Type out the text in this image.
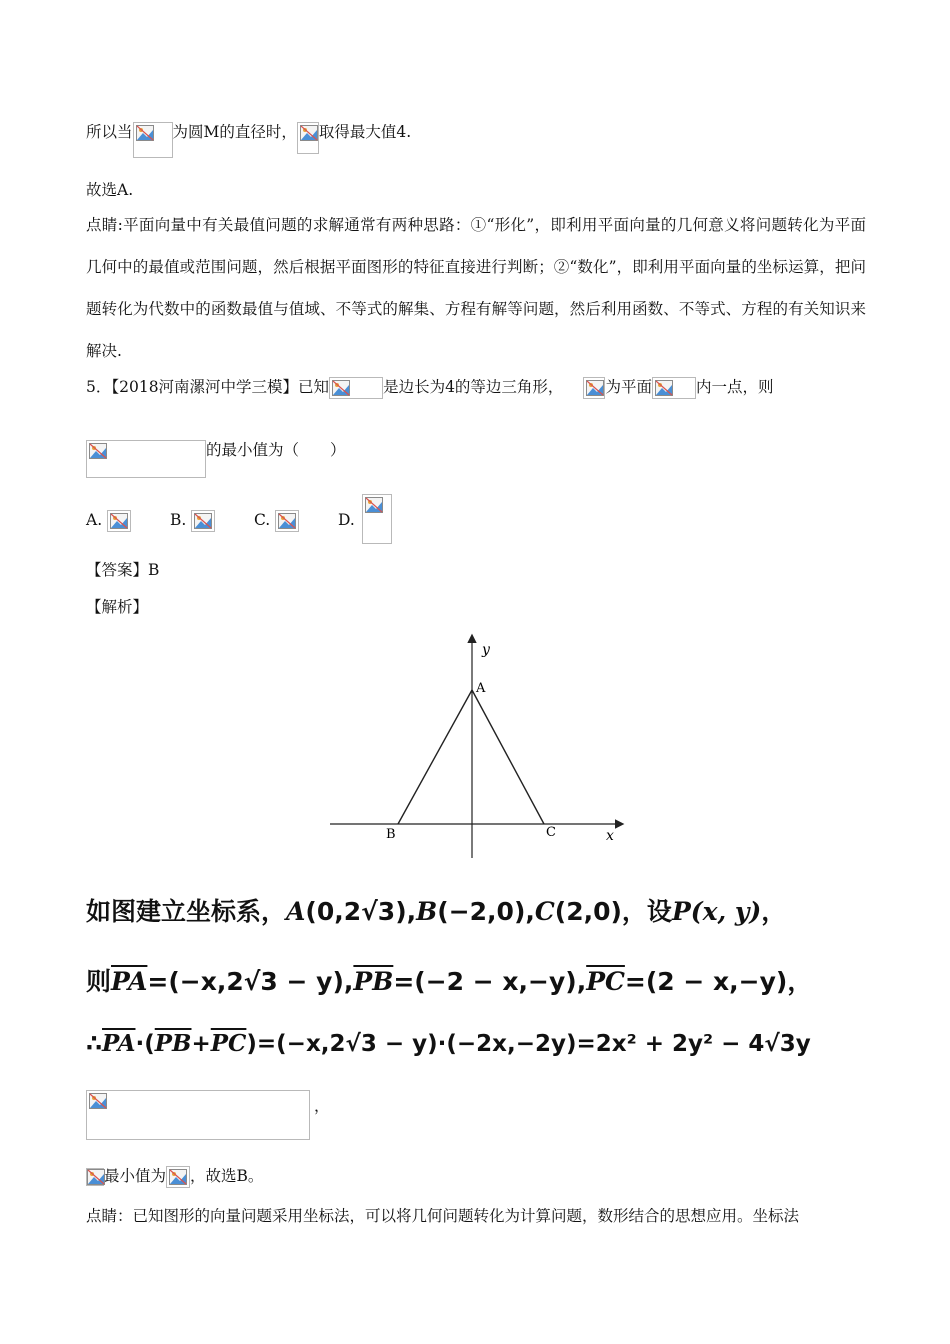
所以当	为圆M的直径时， 取得最大值4.
故选A.
点睛:平面向量中有关最值问题的求解通常有两种思路：①“形化”，即利用平面向量的几何意义将问题转化为平面几何中的最值或范围问题，然后根据平面图形的特征直接进行判断；②“数化”，即利用平面向量的坐标运算，把问题转化为代数中的函数最值与值域、不等式的解集、方程有解等问题，然后利用函数、不等式、方程的有关知识来解决.
5．【2018河南漯河中学三模】已知	是边长为4的等边三角形，	为平面	内一点，则
的最小值为（　　）
A.	B.	C.	D.
【答案】B
【解析】
y
x
A
B	C
如图建立坐标系，A(0,2√3),B(−2,0),C(2,0)，设P(x, y)，
则$\overline{PA}=(-x,2√3 - y),\overline{PB}=(-2 - x,-y),\overline{PC}=(2 - x,-y)$，
$\therefore\overline{PA}\cdot(\overline{PB}+\overline{PC})=(-x,2√3 - y)\cdot(-2x,-2y)=2x^2 + 2y^2 - 4√3y$
，
最小值为 ，故选B。
点睛：已知图形的向量问题采用坐标法，可以将几何问题转化为计算问题，数形结合的思想应用。坐标法
